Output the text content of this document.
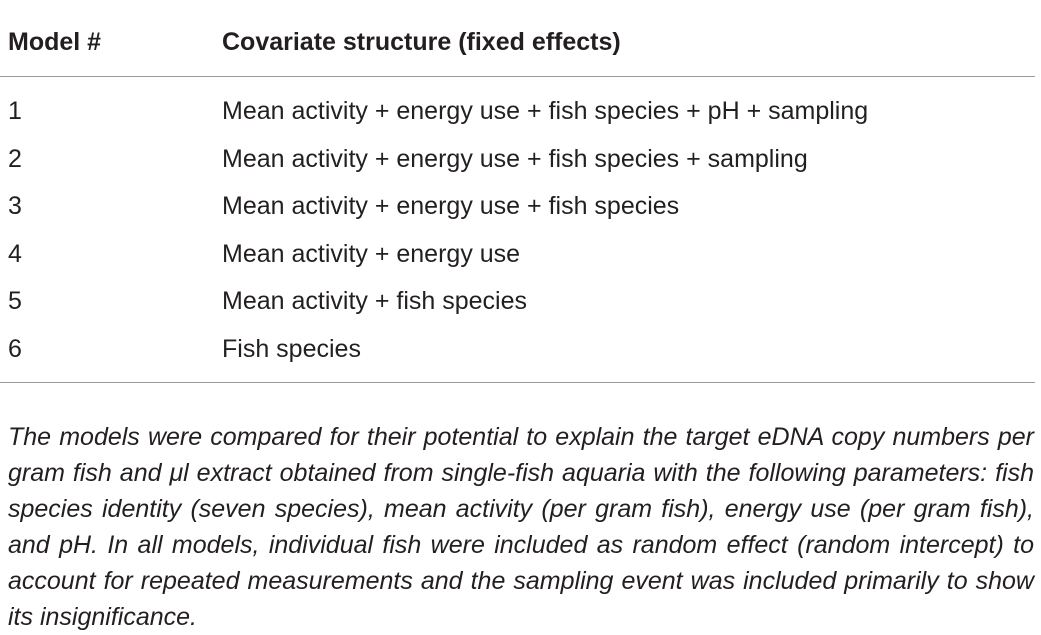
Model #	Covariate structure (fixed effects)
1	Mean activity + energy use + fish species + pH + sampling
2	Mean activity + energy use + fish species + sampling
3	Mean activity + energy use + fish species
4	Mean activity + energy use
5	Mean activity + fish species
6	Fish species

The models were compared for their potential to explain the target eDNA copy numbers per gram fish and μl extract obtained from single-fish aquaria with the following parameters: fish species identity (seven species), mean activity (per gram fish), energy use (per gram fish), and pH. In all models, individual fish were included as random effect (random intercept) to account for repeated measurements and the sampling event was included primarily to show its insignificance.
